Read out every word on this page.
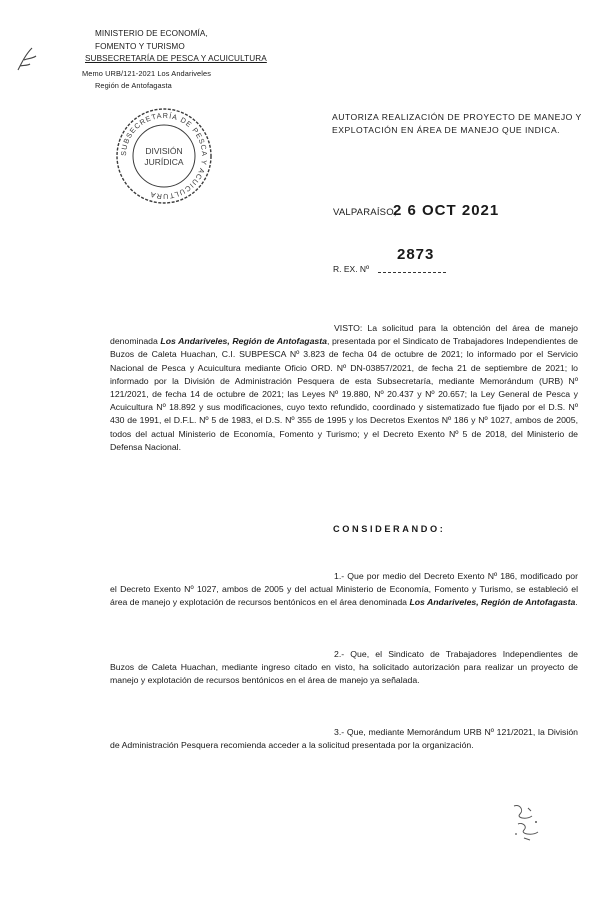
MINISTERIO DE ECONOMÍA,
FOMENTO Y TURISMO
SUBSECRETARÍA DE PESCA Y ACUICULTURA
Memo URB/121-2021 Los Andariveles
Región de Antofagasta
SUBSECRETARÍA DE PESCA Y ACUICULTURA
DIVISIÓN
JURÍDICA
AUTORIZA REALIZACIÓN DE PROYECTO DE MANEJO Y EXPLOTACIÓN EN ÁREA DE MANEJO QUE INDICA.
VALPARAÍSO,
2 6 OCT 2021
2873
R. EX. Nº
VISTO: La solicitud para la obtención del área de manejo denominada Los Andariveles, Región de Antofagasta, presentada por el Sindicato de Trabajadores Independientes de Buzos de Caleta Huachan, C.I. SUBPESCA Nº 3.823 de fecha 04 de octubre de 2021; lo informado por el Servicio Nacional de Pesca y Acuicultura mediante Oficio ORD. Nº DN-03857/2021, de fecha 21 de septiembre de 2021; lo informado por la División de Administración Pesquera de esta Subsecretaría, mediante Memorándum (URB) Nº 121/2021, de fecha 14 de octubre de 2021; las Leyes Nº 19.880, Nº 20.437 y Nº 20.657; la Ley General de Pesca y Acuicultura Nº 18.892 y sus modificaciones, cuyo texto refundido, coordinado y sistematizado fue fijado por el D.S. Nº 430 de 1991, el D.F.L. Nº 5 de 1983, el D.S. Nº 355 de 1995 y los Decretos Exentos Nº 186 y Nº 1027, ambos de 2005, todos del actual Ministerio de Economía, Fomento y Turismo; y el Decreto Exento Nº 5 de 2018, del Ministerio de Defensa Nacional.
CONSIDERANDO:
1.- Que por medio del Decreto Exento Nº 186, modificado por el Decreto Exento Nº 1027, ambos de 2005 y del actual Ministerio de Economía, Fomento y Turismo, se estableció el área de manejo y explotación de recursos bentónicos en el área denominada Los Andariveles, Región de Antofagasta.
2.- Que, el Sindicato de Trabajadores Independientes de Buzos de Caleta Huachan, mediante ingreso citado en visto, ha solicitado autorización para realizar un proyecto de manejo y explotación de recursos bentónicos en el área de manejo ya señalada.
3.- Que, mediante Memorándum URB Nº 121/2021, la División de Administración Pesquera recomienda acceder a la solicitud presentada por la organización.
